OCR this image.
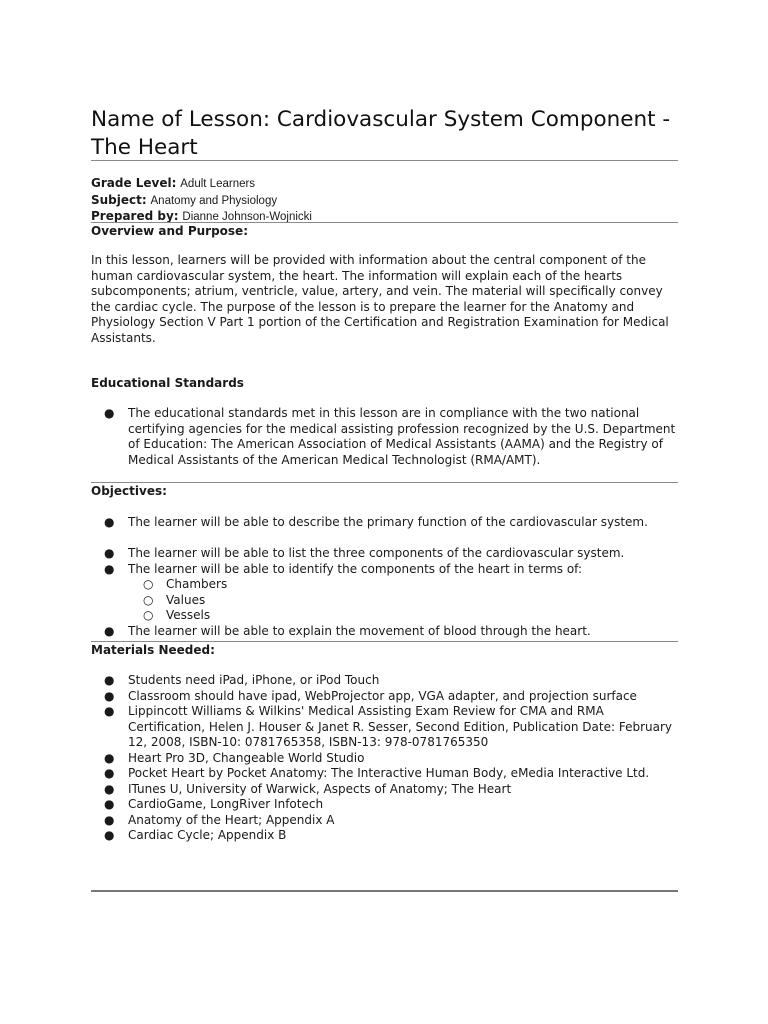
Name of Lesson: Cardiovascular System Component - The Heart
Grade Level: Adult Learners
Subject: Anatomy and Physiology
Prepared by: Dianne Johnson-Wojnicki
Overview and Purpose:

In this lesson, learners will be provided with information about the central component of the human cardiovascular system, the heart. The information will explain each of the hearts subcomponents; atrium, ventricle, value, artery, and vein. The material will specifically convey the cardiac cycle. The purpose of the lesson is to prepare the learner for the Anatomy and Physiology Section V Part 1 portion of the Certification and Registration Examination for Medical Assistants.

Educational Standards
● The educational standards met in this lesson are in compliance with the two national certifying agencies for the medical assisting profession recognized by the U.S. Department of Education: The American Association of Medical Assistants (AAMA) and the Registry of Medical Assistants of the American Medical Technologist (RMA/AMT).
Objectives:
● The learner will be able to describe the primary function of the cardiovascular system.
● The learner will be able to list the three components of the cardiovascular system.
● The learner will be able to identify the components of the heart in terms of:
○ Chambers
○ Values
○ Vessels
● The learner will be able to explain the movement of blood through the heart.
Materials Needed:
● Students need iPad, iPhone, or iPod Touch
● Classroom should have ipad, WebProjector app, VGA adapter, and projection surface
● Lippincott Williams & Wilkins' Medical Assisting Exam Review for CMA and RMA Certification, Helen J. Houser & Janet R. Sesser, Second Edition, Publication Date: February 12, 2008, ISBN-10: 0781765358, ISBN-13: 978-0781765350
● Heart Pro 3D, Changeable World Studio
● Pocket Heart by Pocket Anatomy: The Interactive Human Body, eMedia Interactive Ltd.
● ITunes U, University of Warwick, Aspects of Anatomy; The Heart
● CardioGame, LongRiver Infotech
● Anatomy of the Heart; Appendix A
● Cardiac Cycle; Appendix B
